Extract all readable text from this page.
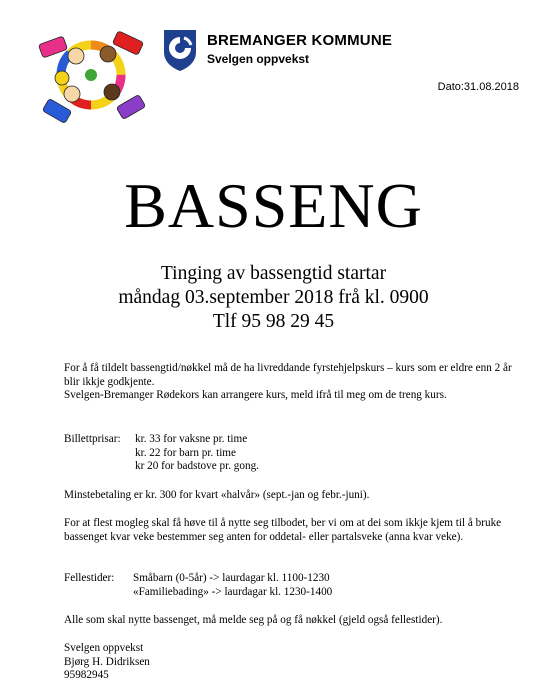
BREMANGER KOMMUNE
Svelgen oppvekst
Dato:31.08.2018
BASSENG
Tinging av bassengtid startar
måndag 03.september 2018 frå kl. 0900
Tlf 95 98 29 45

For å få tildelt bassengtid/nøkkel må de ha livreddande fyrstehjelpskurs – kurs som er eldre enn 2 år blir ikkje godkjente.

Svelgen-Bremanger Rødekors kan arrangere kurs, meld ifrå til meg om de treng kurs.

Billettprisar: kr. 33 for vaksne pr. time
kr. 22 for barn pr. time
kr 20 for badstove pr. gong.
Minstebetaling er kr. 300 for kvart «halvår» (sept.-jan og febr.-juni).
For at flest mogleg skal få høve til å nytte seg tilbodet, ber vi om at dei som ikkje kjem til å bruke bassenget kvar veke bestemmer seg anten for oddetal- eller partalsveke (anna kvar veke).
Fellestider: Småbarn (0-5år) -> laurdagar kl. 1100-1230
«Familiebading» -> laurdagar kl. 1230-1400
Alle som skal nytte bassenget, må melde seg på og få nøkkel (gjeld også fellestider).
Svelgen oppvekst
Bjørg H. Didriksen
95982945
